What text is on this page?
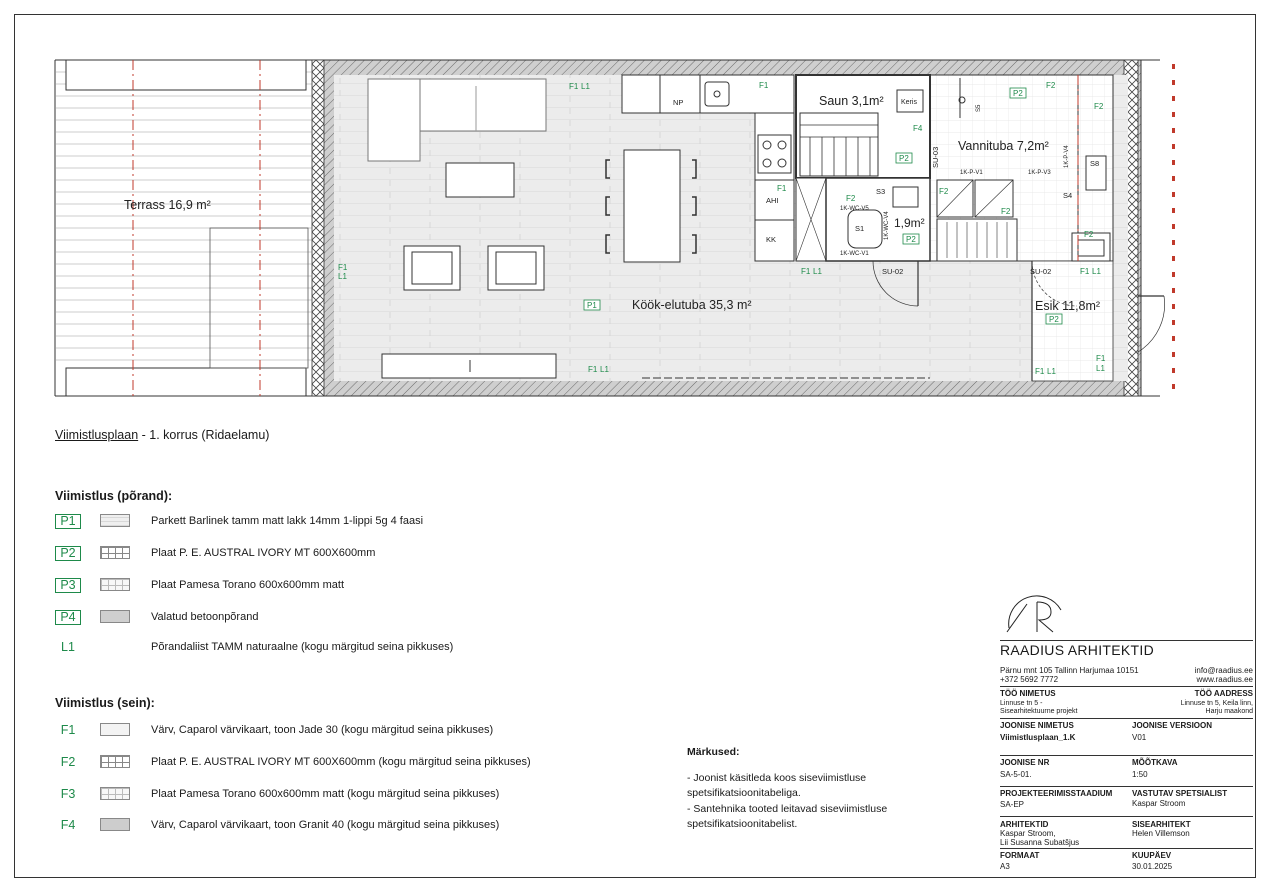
Terrass 16,9 m²
Köök-elutuba 35,3 m²
Saun 3,1m²
Vannituba 7,2m²
1,9m²
Esik 11,8m²
NP	Keris
AHI
KK
S1
S3
S8
S4
SU-02	SU-02
SU-03
1K-P-V1	1K-P-V3
1K-WC-V5
1K-WC-V1
1K-WC-V4
1K-P-V4
S5
P1
P2
P2
P2
P2
F1 L1	F1	F2
F2
F4
F1
F2
F2
F2
F2
F1 L1	F1 L1
F1
L1
F1 L1	F1 L1
F1
L1
Viimistlusplaan - 1. korrus (Ridaelamu)
Viimistlus (põrand):
P1	Parkett Barlinek tamm matt lakk 14mm 1-lippi 5g 4 faasi
P2	Plaat P. E. AUSTRAL IVORY MT 600X600mm
P3	Plaat Pamesa Torano 600x600mm matt
P4	Valatud betoonpõrand
L1	Põrandaliist TAMM naturaalne (kogu märgitud seina pikkuses)
Viimistlus (sein):
F1	Värv, Caparol värvikaart, toon Jade 30 (kogu märgitud seina pikkuses)
F2	Plaat P. E. AUSTRAL IVORY MT 600X600mm (kogu märgitud seina pikkuses)
F3	Plaat Pamesa Torano 600x600mm matt (kogu märgitud seina pikkuses)
F4	Värv, Caparol värvikaart, toon Granit 40 (kogu märgitud seina pikkuses)
Märkused:
- Joonist käsitleda koos siseviimistluse spetsifikatsioonitabeliga.
- Santehnika tooted leitavad siseviimistluse spetsifikatsioonitabelist.
RAADIUS ARHITEKTID
Pärnu mnt 105 Tallinn Harjumaa 10151
+372 5692 7772
info@raadius.ee
www.raadius.ee
TÖÖ NIMETUS
Linnuse tn 5 -
Sisearhitektuurne projekt
TÖÖ AADRESS
Linnuse tn 5, Keila linn,
Harju maakond
JOONISE NIMETUS
Viimistlusplaan_1.K
JOONISE VERSIOON
V01
JOONISE NR
SA-5-01.
MÕÕTKAVA
1:50
PROJEKTEERIMISSTAADIUM
SA-EP
VASTUTAV SPETSIALIST
Kaspar Stroom
ARHITEKTID
Kaspar Stroom,
Lii Susanna Subatšjus
SISEARHITEKT
Helen Villemson
FORMAAT
A3
KUUPÄEV
30.01.2025
